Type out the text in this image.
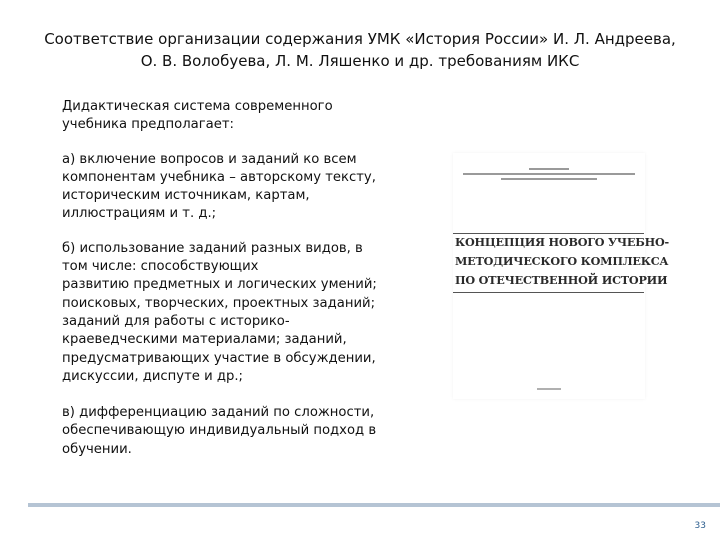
Соответствие организации содержания УМК «История России» И. Л. Андреева,
О. В. Волобуева, Л. М. Ляшенко и др. требованиям ИКС

Дидактическая система современного
учебника предполагает:

а) включение вопросов и заданий ко всем
компонентам учебника – авторскому тексту,
историческим источникам, картам,
иллюстрациям и т. д.;

б) использование заданий разных видов, в
том числе: способствующих
развитию предметных и логических умений;
поисковых, творческих, проектных заданий;
заданий для работы с историко-
краеведческими материалами; заданий,
предусматривающих участие в обсуждении,
дискуссии, диспуте и др.;

в) дифференциацию заданий по сложности,
обеспечивающую индивидуальный подход в
обучении.

КОНЦЕПЦИЯ НОВОГО УЧЕБНО-
МЕТОДИЧЕСКОГО КОМПЛЕКСА
ПО ОТЕЧЕСТВЕННОЙ ИСТОРИИ
33
